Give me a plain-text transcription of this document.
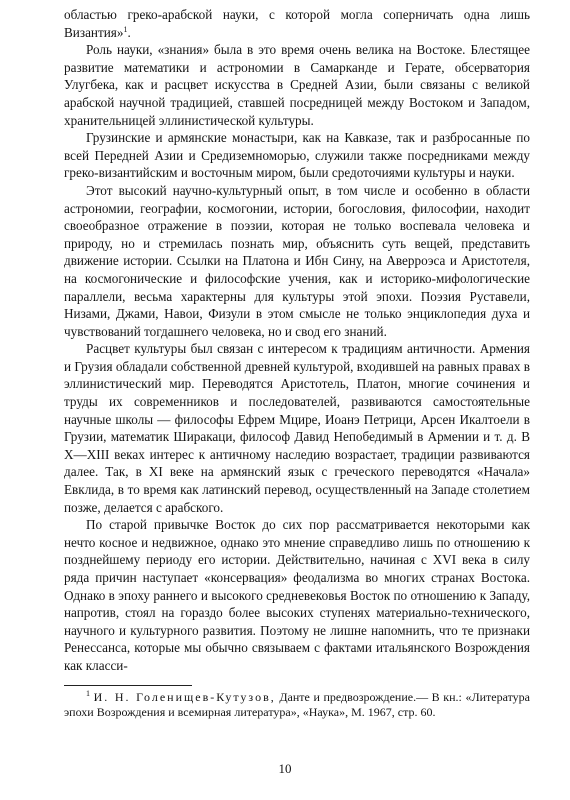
областью греко-арабской науки, с которой могла соперничать одна лишь Византия»$^1$.

Роль науки, «знания» была в это время очень велика на Востоке. Блестящее развитие математики и астрономии в Самарканде и Герате, обсерватория Улугбека, как и расцвет искусства в Средней Азии, были связаны с великой арабской научной традицией, ставшей посредницей между Востоком и Западом, хранительницей эллинистической культуры.

Грузинские и армянские монастыри, как на Кавказе, так и разбросанные по всей Передней Азии и Средиземноморью, служили также посредниками между греко-византийским и восточным миром, были средоточиями культуры и науки.

Этот высокий научно-культурный опыт, в том числе и особенно в области астрономии, географии, космогонии, истории, богословия, философии, находит своеобразное отражение в поэзии, которая не только воспевала человека и природу, но и стремилась познать мир, объяснить суть вещей, представить движение истории. Ссылки на Платона и Ибн Сину, на Аверроэса и Аристотеля, на космогонические и философские учения, как и историко-мифологические параллели, весьма характерны для культуры этой эпохи. Поэзия Руставели, Низами, Джами, Навои, Физули в этом смысле не только энциклопедия духа и чувствований тогдашнего человека, но и свод его знаний.

Расцвет культуры был связан с интересом к традициям античности. Армения и Грузия обладали собственной древней культурой, входившей на равных правах в эллинистический мир. Переводятся Аристотель, Платон, многие сочинения и труды их современников и последователей, развиваются самостоятельные научные школы — философы Ефрем Мцире, Иоанэ Петрици, Арсен Икалтоели в Грузии, математик Ширакаци, философ Давид Непобедимый в Армении и т. д. В X—XIII веках интерес к античному наследию возрастает, традиции развиваются далее. Так, в XI веке на армянский язык с греческого переводятся «Начала» Евклида, в то время как латинский перевод, осуществленный на Западе столетием позже, делается с арабского.

По старой привычке Восток до сих пор рассматривается некоторыми как нечто косное и недвижное, однако это мнение справедливо лишь по отношению к позднейшему периоду его истории. Действительно, начиная с XVI века в силу ряда причин наступает «консервация» феодализма во многих странах Востока. Однако в эпоху раннего и высокого средневековья Восток по отношению к Западу, напротив, стоял на гораздо более высоких ступенях материально-технического, научного и культурного развития. Поэтому не лишне напомнить, что те признаки Ренессанса, которые мы обычно связываем с фактами итальянского Возрождения как класси-

$^1$ И. Н. Голенищев-Кутузов, Данте и предвозрождение.— В кн.: «Литература эпохи Возрождения и всемирная литература», «Наука», М. 1967, стр. 60.

10
